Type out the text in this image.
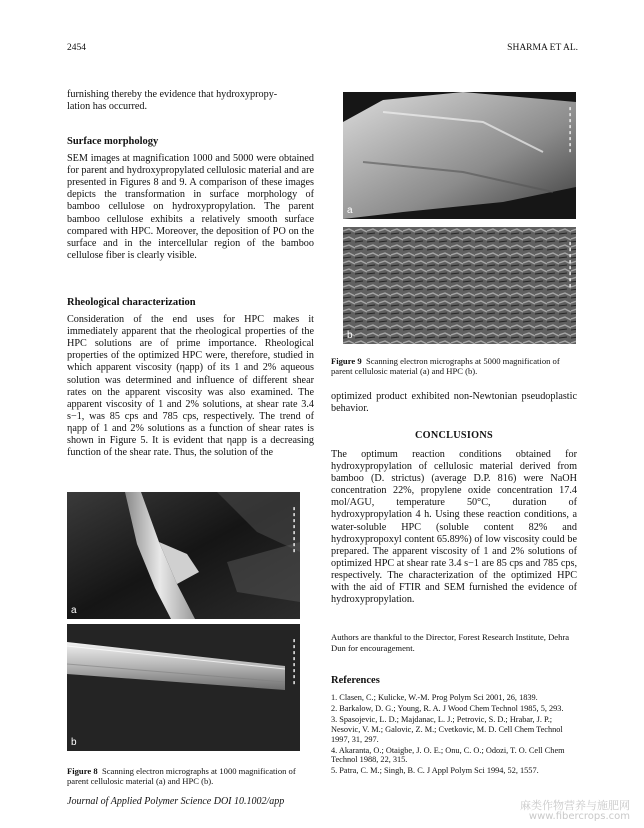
2454	SHARMA ET AL.

furnishing thereby the evidence that hydroxypropy-

lation has occurred.

Surface morphology

SEM images at magnification 1000 and 5000 were obtained for parent and hydroxypropylated cellulosic material and are presented in Figures 8 and 9. A comparison of these images depicts the transformation in surface morphology of bamboo cellulose on hydroxypropylation. The parent bamboo cellulose exhibits a relatively smooth surface compared with HPC. Moreover, the deposition of PO on the surface and in the intercellular region of the bamboo cellulose fiber is clearly visible.

Rheological characterization

Consideration of the end uses for HPC makes it immediately apparent that the rheological properties of the HPC solutions are of prime importance. Rheological properties of the optimized HPC were, therefore, studied in which apparent viscosity (ηapp) of its 1 and 2% aqueous solution was determined and influence of different shear rates on the apparent viscosity was also examined. The apparent viscosity of 1 and 2% solutions, at shear rate 3.4 s−1, was 85 cps and 785 cps, respectively. The trend of ηapp of 1 and 2% solutions as a function of shear rates is shown in Figure 5. It is evident that ηapp is a decreasing function of the shear rate. Thus, the solution of the

a
▮▮▮▮▮▮▮▮
b
▮▮▮▮▮▮▮▮
Figure 8 Scanning electron micrographs at 1000 magnification of parent cellulosic material (a) and HPC (b).
a
▮▮▮▮▮▮▮▮
b
▮▮▮▮▮▮▮▮
Figure 9 Scanning electron micrographs at 5000 magnification of parent cellulosic material (a) and HPC (b).
optimized product exhibited non-Newtonian pseudoplastic behavior.
CONCLUSIONS
The optimum reaction conditions obtained for hydroxypropylation of cellulosic material derived from bamboo (D. strictus) (average D.P. 816) were NaOH concentration 22%, propylene oxide concentration 17.4 mol/AGU, temperature 50°C, duration of hydroxypropylation 4 h. Using these reaction conditions, a water-soluble HPC (soluble content 82% and hydroxypropoxyl content 65.89%) of low viscosity could be prepared. The apparent viscosity of 1 and 2% solutions of optimized HPC at shear rate 3.4 s−1 are 85 cps and 785 cps, respectively. The characterization of the optimized HPC with the aid of FTIR and SEM furnished the evidence of hydroxypropylation.
Authors are thankful to the Director, Forest Research Institute, Dehra Dun for encouragement.
References

1. Clasen, C.; Kulicke, W.-M. Prog Polym Sci 2001, 26, 1839.

2. Barkalow, D. G.; Young, R. A. J Wood Chem Technol 1985, 5, 293.

3. Spasojevic, L. D.; Majdanac, L. J.; Petrovic, S. D.; Hrabar, J. P.; Nesovic, V. M.; Galovic, Z. M.; Cvetkovic, M. D. Cell Chem Technol 1997, 31, 297.

4. Akaranta, O.; Otaigbe, J. O. E.; Onu, C. O.; Odozi, T. O. Cell Chem Technol 1988, 22, 315.

5. Patra, C. M.; Singh, B. C. J Appl Polym Sci 1994, 52, 1557.

Journal of Applied Polymer Science DOI 10.1002/app	麻类作物营养与施肥网
www.fibercrops.com
